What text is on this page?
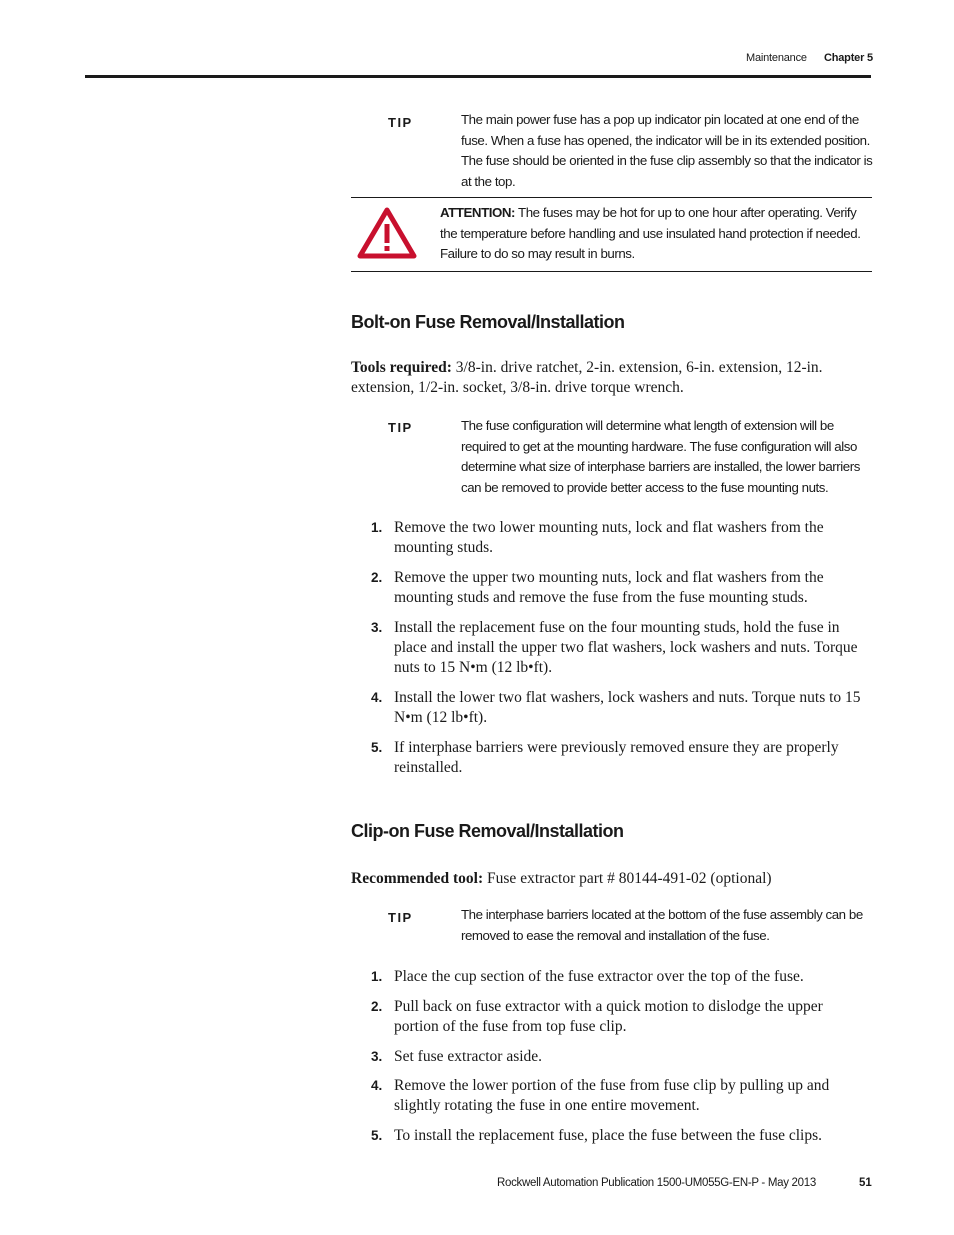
Maintenance Chapter 5
TIP	The main power fuse has a pop up indicator pin located at one end of the fuse. When a fuse has opened, the indicator will be in its extended position. The fuse should be oriented in the fuse clip assembly so that the indicator is at the top.
ATTENTION: The fuses may be hot for up to one hour after operating. Verify the temperature before handling and use insulated hand protection if needed. Failure to do so may result in burns.
Bolt-on Fuse Removal/Installation
Tools required: 3/8-in. drive ratchet, 2-in. extension, 6-in. extension, 12-in. extension, 1/2-in. socket, 3/8-in. drive torque wrench.
TIP	The fuse configuration will determine what length of extension will be required to get at the mounting hardware. The fuse configuration will also determine what size of interphase barriers are installed, the lower barriers can be removed to provide better access to the fuse mounting nuts.
1. Remove the two lower mounting nuts, lock and flat washers from the mounting studs.
2. Remove the upper two mounting nuts, lock and flat washers from the mounting studs and remove the fuse from the fuse mounting studs.
3. Install the replacement fuse on the four mounting studs, hold the fuse in place and install the upper two flat washers, lock washers and nuts. Torque nuts to 15 N•m (12 lb•ft).
4. Install the lower two flat washers, lock washers and nuts. Torque nuts to 15 N•m (12 lb•ft).
5. If interphase barriers were previously removed ensure they are properly reinstalled.
Clip-on Fuse Removal/Installation
Recommended tool: Fuse extractor part # 80144-491-02 (optional)
TIP	The interphase barriers located at the bottom of the fuse assembly can be removed to ease the removal and installation of the fuse.
1. Place the cup section of the fuse extractor over the top of the fuse.
2. Pull back on fuse extractor with a quick motion to dislodge the upper portion of the fuse from top fuse clip.
3. Set fuse extractor aside.
4. Remove the lower portion of the fuse from fuse clip by pulling up and slightly rotating the fuse in one entire movement.
5. To install the replacement fuse, place the fuse between the fuse clips.
Rockwell Automation Publication 1500-UM055G-EN-P - May 2013	51
